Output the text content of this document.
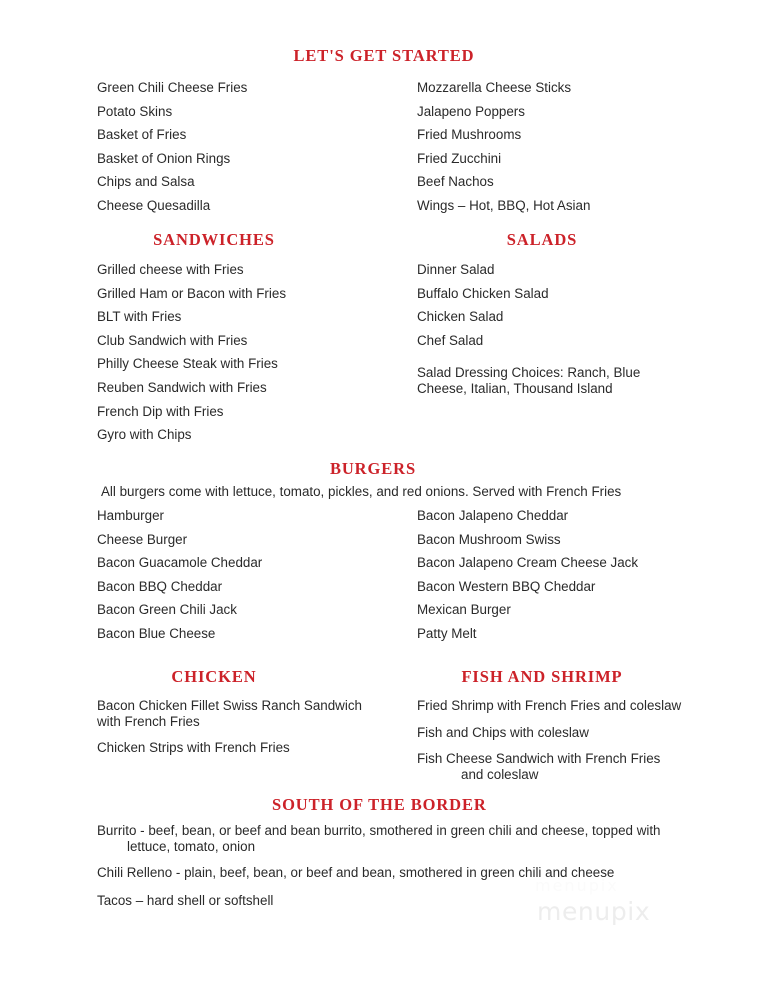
LET'S GET STARTED
Green Chili Cheese Fries
Potato Skins
Basket of Fries
Basket of Onion Rings
Chips and Salsa
Cheese Quesadilla
Mozzarella Cheese Sticks
Jalapeno Poppers
Fried Mushrooms
Fried Zucchini
Beef Nachos
Wings – Hot, BBQ, Hot Asian
SANDWICHES
Grilled cheese with Fries
Grilled Ham or Bacon with Fries
BLT with Fries
Club Sandwich with Fries
Philly Cheese Steak with Fries
Reuben Sandwich with Fries
French Dip with Fries
Gyro with Chips
SALADS
Dinner Salad
Buffalo Chicken Salad
Chicken Salad
Chef Salad
Salad Dressing Choices: Ranch, Blue
Cheese, Italian, Thousand Island
BURGERS
All burgers come with lettuce, tomato, pickles, and red onions. Served with French Fries
Hamburger
Cheese Burger
Bacon Guacamole Cheddar
Bacon BBQ Cheddar
Bacon Green Chili Jack
Bacon Blue Cheese
Bacon Jalapeno Cheddar
Bacon Mushroom Swiss
Bacon Jalapeno Cream Cheese Jack
Bacon Western BBQ Cheddar
Mexican Burger
Patty Melt
CHICKEN
Bacon Chicken Fillet Swiss Ranch Sandwich
with French Fries
Chicken Strips with French Fries
FISH AND SHRIMP
Fried Shrimp with French Fries and coleslaw
Fish and Chips with coleslaw
Fish Cheese Sandwich with French Fries
and coleslaw
SOUTH OF THE BORDER
Burrito - beef, bean, or beef and bean burrito, smothered in green chili and cheese, topped with
lettuce, tomato, onion
Chili Relleno - plain, beef, bean, or beef and bean, smothered in green chili and cheese
Tacos – hard shell or softshell
menupix
menupix
